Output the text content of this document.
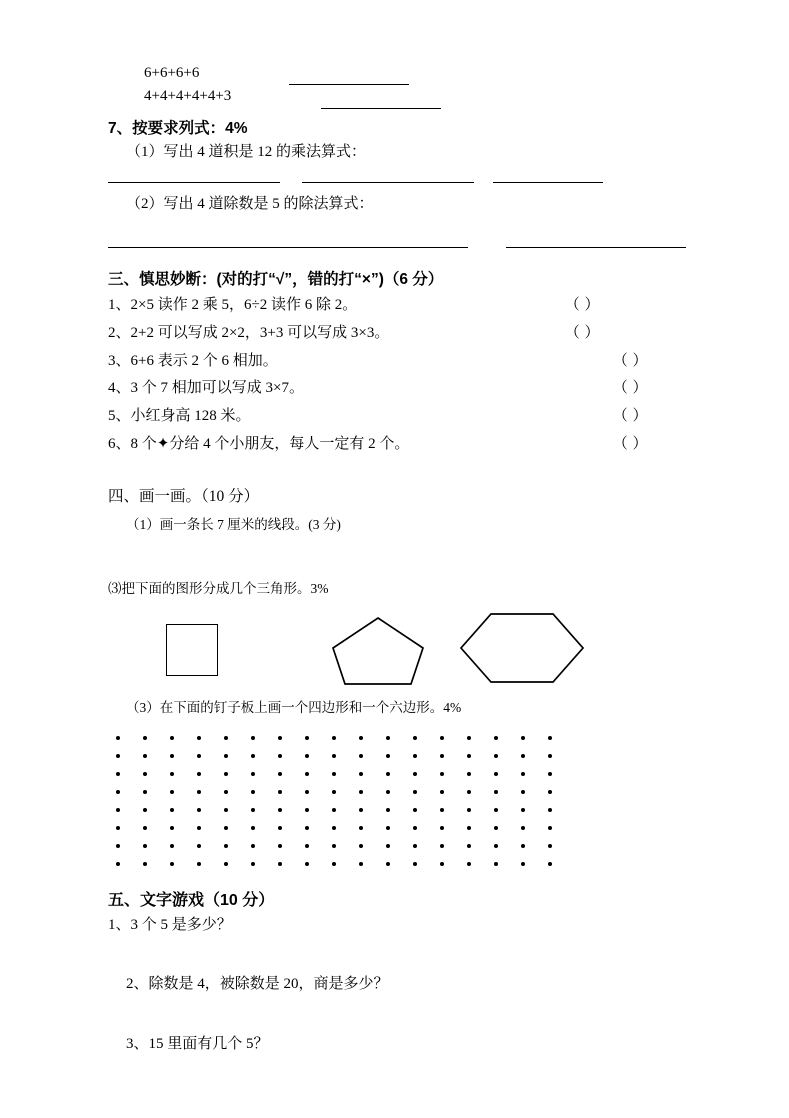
6+6+6+6
4+4+4+4+4+3
7、按要求列式：4%
（1）写出 4 道积是 12 的乘法算式：

（2）写出 4 道除数是 5 的除法算式：

三、慎思妙断：(对的打“√”，错的打“×”)（6 分）
1、2×5 读作 2 乘 5，6÷2 读作 6 除 2。	（ ）
2、2+2 可以写成 2×2，3+3 可以写成 3×3。	（ ）
3、6+6 表示 2 个 6 相加。	（ ）
4、3 个 7 相加可以写成 3×7。	（ ）
5、小红身高 128 米。	（ ）
6、8 个✦分给 4 个小朋友，每人一定有 2 个。	（ ）
四、画一画。（10 分）
（1）画一条长 7 厘米的线段。(3 分)
⑶把下面的图形分成几个三角形。3%
（3）在下面的钉子板上画一个四边形和一个六边形。4%
五、文字游戏（10 分）
1、3 个 5 是多少？
2、除数是 4，被除数是 20，商是多少？
3、15 里面有几个 5？
